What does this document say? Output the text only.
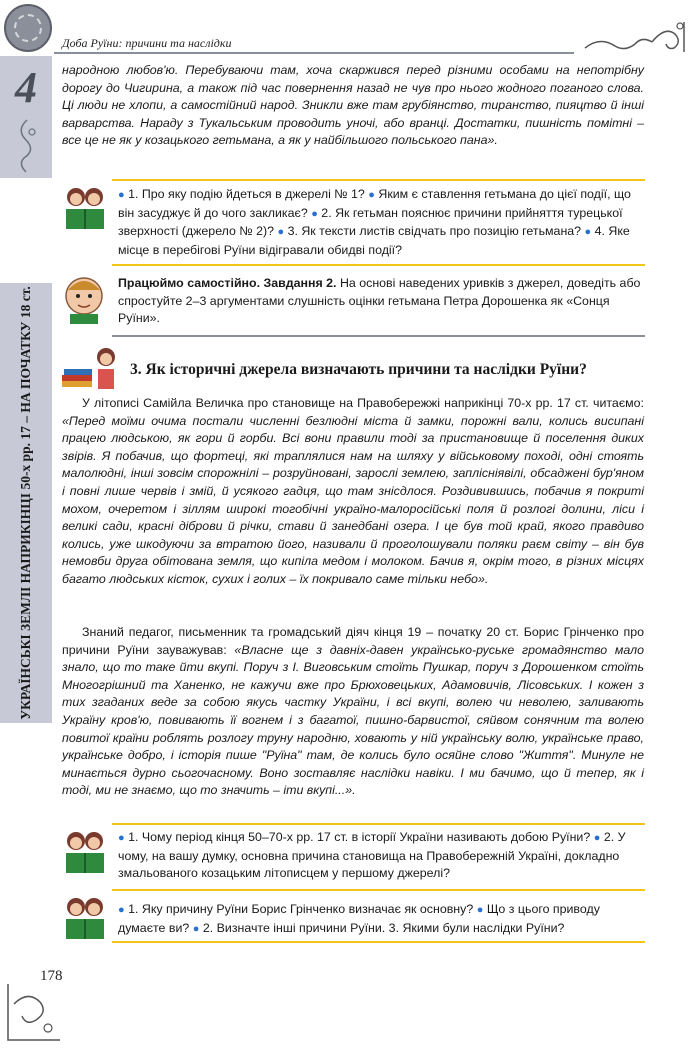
Доба Руїни: причини та наслідки
4
УКРАЇНСЬКІ ЗЕМЛІ НАПРИКІНЦІ 50-х рр. 17 – НА ПОЧАТКУ 18 ст.
народною любов'ю. Перебуваючи там, хоча скаржився перед різними особами на непотрібну дорогу до Чигирина, а також під час повернення назад не чув про нього жодного поганого слова. Ці люди не хлопи, а самостійний народ. Зникли вже там грубіянство, тиранство, пияцтво й інші варварства. Нараду з Тукальським проводить уночі, або вранці. Достатки, пишність помітні – все це не як у козацького гетьмана, а як у найбільшого польського пана».
● 1. Про яку подію йдеться в джерелі № 1? ● Яким є ставлення гетьмана до цієї події, що він засуджує й до чого закликає? ● 2. Як гетьман пояснює причини прийняття турецької зверхності (джерело № 2)? ● 3. Як тексти листів свідчать про позицію гетьмана? ● 4. Яке місце в перебігові Руїни відігравали обидві події?
Працюймо самостійно. Завдання 2. На основі наведених уривків з джерел, доведіть або спростуйте 2–3 аргументами слушність оцінки гетьмана Петра Дорошенка як «Сонця Руїни».
3. Як історичні джерела визначають причини та наслідки Руїни?
У літописі Самійла Величка про становище на Правобережжі наприкінці 70-х рр. 17 ст. читаємо: «Перед моїми очима постали численні безлюдні міста й замки, порожні вали, колись висипані працею людською, як гори й горби. Всі вони правили тоді за пристановище й поселення диких звірів. Я побачив, що фортеці, які траплялися нам на шляху у військовому поході, одні стоять малолюдні, інші зовсім спорожнілі – розруйновані, зарослі землею, заплісніявілі, обсаджені бур'яном і повні лише червів і змій, й усякого гадця, що там знісдлося. Роздивившись, побачив я покриті мохом, очеретом і зіллям широкі тогобічні україно-малоросійські поля й розлогі долини, ліси і великі сади, красні діброви й річки, стави й занедбані озера. І це був той край, якого правдиво колись, уже шкодуючи за втратою його, називали й проголошували поляки раєм світу – він був немовби друга обітована земля, що кипіла медом і молоком. Бачив я, окрім того, в різних місцях багато людських кісток, сухих і голих – їх покривало саме тільки небо».
Знаний педагог, письменник та громадський діяч кінця 19 – початку 20 ст. Борис Грінченко про причини Руїни зауважував: «Власне ще з давніх-давен українсько-руське громадянство мало знало, що то таке йти вкупі. Поруч з І. Виговським стоїть Пушкар, поруч з Дорошенком стоїть Многогрішний та Ханенко, не кажучи вже про Брюховецьких, Адамовичів, Лісовських. І кожен з тих згаданих веде за собою якусь частку України, і всі вкупі, волею чи неволею, заливають Україну кров'ю, повивають її вогнем і з багатої, пишно-барвистої, сяйвом сонячним та волею повитої країни роблять розлогу труну народню, ховають у ній українську волю, українське право, українське добро, і історія пише "Руїна" там, де колись було осяйне слово "Життя". Минуле не минається дурно сьогочасному. Воно зоставляє наслідки навіки. І ми бачимо, що й тепер, як і тоді, ми не знаємо, що то значить – іти вкупі...».
● 1. Чому період кінця 50–70-х рр. 17 ст. в історії України називають добою Руїни? ● 2. У чому, на вашу думку, основна причина становища на Правобережній Україні, докладно змальованого козацьким літописцем у першому джерелі?
● 1. Яку причину Руїни Борис Грінченко визначає як основну? ● Що з цього приводу думаєте ви? ● 2. Визначте інші причини Руїни. 3. Якими були наслідки Руїни?
178
